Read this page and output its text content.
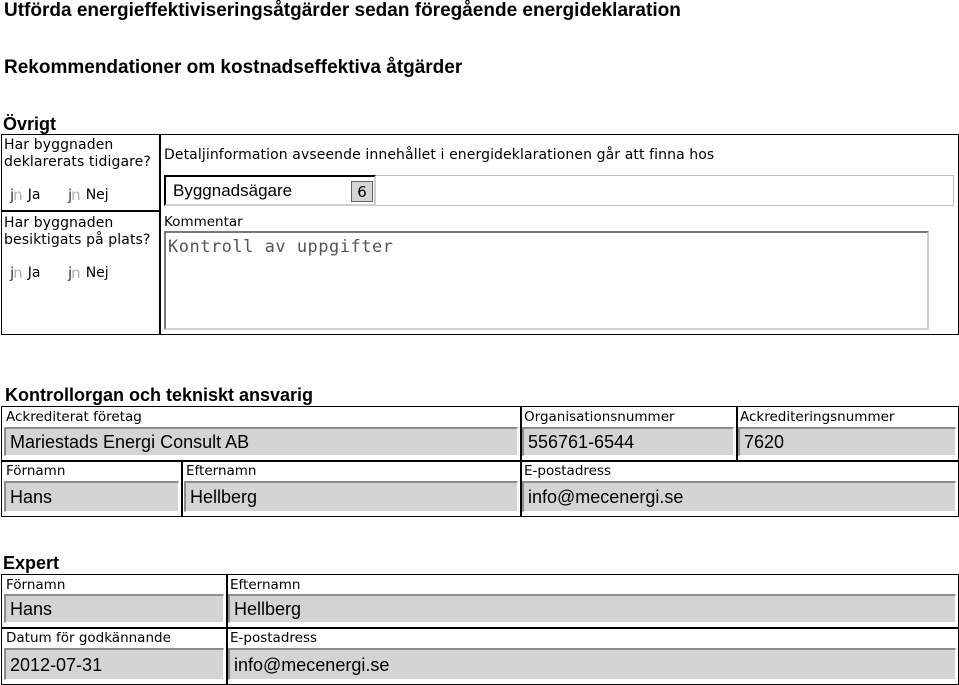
Utförda energieffektiviseringsåtgärder sedan föregående energideklaration
Rekommendationer om kostnadseffektiva åtgärder
Övrigt
Har byggnaden deklarerats tidigare?
jn Ja jn Nej
Har byggnaden besiktigats på plats?
jn Ja jn Nej
Detaljinformation avseende innehållet i energideklarationen går att finna hos
Byggnadsägare	6
Kommentar
Kontroll av uppgifter
Kontrollorgan och tekniskt ansvarig
Ackrediterat företag
Mariestads Energi Consult AB
Organisationsnummer
556761-6544
Ackrediteringsnummer
7620
Förnamn
Hans
Efternamn
Hellberg
E-postadress
info@mecenergi.se
Expert
Förnamn
Hans
Efternamn
Hellberg
Datum för godkännande
2012-07-31
E-postadress
info@mecenergi.se
